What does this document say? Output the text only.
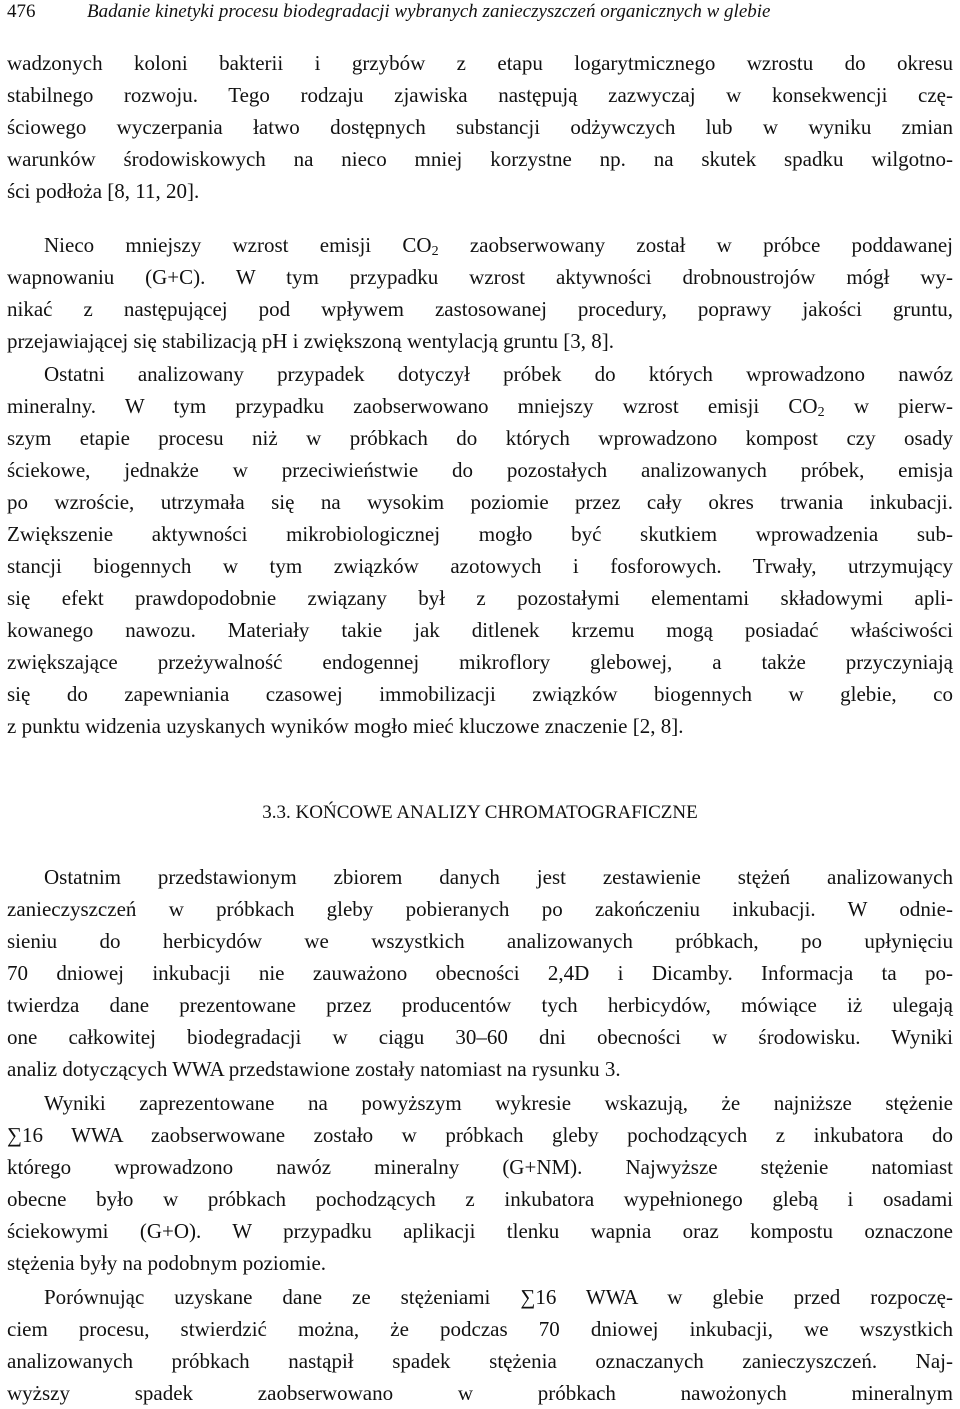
476	Badanie kinetyki procesu biodegradacji wybranych zanieczyszczeń organicznych w glebie
wadzonych koloni bakterii i grzybów z etapu logarytmicznego wzrostu do okresu
stabilnego rozwoju. Tego rodzaju zjawiska następują zazwyczaj w konsekwencji czę-
ściowego wyczerpania łatwo dostępnych substancji odżywczych lub w wyniku zmian
warunków środowiskowych na nieco mniej korzystne np. na skutek spadku wilgotno-
ści podłoża [8, 11, 20].
Nieco mniejszy wzrost emisji $CO_2$ zaobserwowany został w próbce poddawanej
wapnowaniu (G+C). W tym przypadku wzrost aktywności drobnoustrojów mógł wy-
nikać z następującej pod wpływem zastosowanej procedury, poprawy jakości gruntu,
przejawiającej się stabilizacją pH i zwiększoną wentylacją gruntu [3, 8].
Ostatni analizowany przypadek dotyczył próbek do których wprowadzono nawóz
mineralny. W tym przypadku zaobserwowano mniejszy wzrost emisji $CO_2$ w pierw-
szym etapie procesu niż w próbkach do których wprowadzono kompost czy osady
ściekowe, jednakże w przeciwieństwie do pozostałych analizowanych próbek, emisja
po wzroście, utrzymała się na wysokim poziomie przez cały okres trwania inkubacji.
Zwiększenie aktywności mikrobiologicznej mogło być skutkiem wprowadzenia sub-
stancji biogennych w tym związków azotowych i fosforowych. Trwały, utrzymujący
się efekt prawdopodobnie związany był z pozostałymi elementami składowymi apli-
kowanego nawozu. Materiały takie jak ditlenek krzemu mogą posiadać właściwości
zwiększające przeżywalność endogennej mikroflory glebowej, a także przyczyniają
się do zapewniania czasowej immobilizacji związków biogennych w glebie, co
z punktu widzenia uzyskanych wyników mogło mieć kluczowe znaczenie [2, 8].
3.3. KOŃCOWE ANALIZY CHROMATOGRAFICZNE
Ostatnim przedstawionym zbiorem danych jest zestawienie stężeń analizowanych
zanieczyszczeń w próbkach gleby pobieranych po zakończeniu inkubacji. W odnie-
sieniu do herbicydów we wszystkich analizowanych próbkach, po upłynięciu
70 dniowej inkubacji nie zauważono obecności 2,4D i Dicamby. Informacja ta po-
twierdza dane prezentowane przez producentów tych herbicydów, mówiące iż ulegają
one całkowitej biodegradacji w ciągu 30–60 dni obecności w środowisku. Wyniki
analiz dotyczących WWA przedstawione zostały natomiast na rysunku 3.
Wyniki zaprezentowane na powyższym wykresie wskazują, że najniższe stężenie
∑16 WWA zaobserwowane zostało w próbkach gleby pochodzących z inkubatora do
którego wprowadzono nawóz mineralny (G+NM). Najwyższe stężenie natomiast
obecne było w próbkach pochodzących z inkubatora wypełnionego glebą i osadami
ściekowymi (G+O). W przypadku aplikacji tlenku wapnia oraz kompostu oznaczone
stężenia były na podobnym poziomie.
Porównując uzyskane dane ze stężeniami ∑16 WWA w glebie przed rozpoczę-
ciem procesu, stwierdzić można, że podczas 70 dniowej inkubacji, we wszystkich
analizowanych próbkach nastąpił spadek stężenia oznaczanych zanieczyszczeń. Naj-
wyższy spadek zaobserwowano w próbkach nawożonych mineralnym
